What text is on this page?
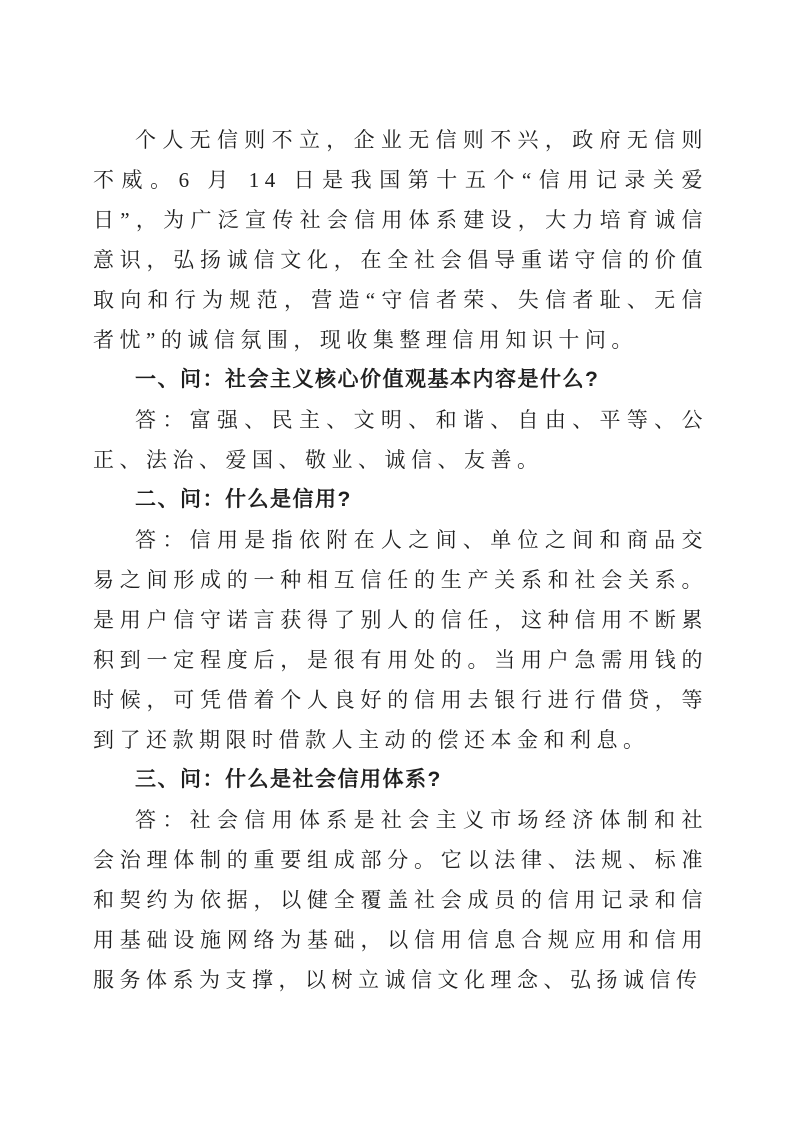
个人无信则不立，企业无信则不兴，政府无信则不威。6 月 14 日是我国第十五个“信用记录关爱日”，为广泛宣传社会信用体系建设，大力培育诚信意识，弘扬诚信文化，在全社会倡导重诺守信的价值取向和行为规范，营造“守信者荣、失信者耻、无信者忧”的诚信氛围，现收集整理信用知识十问。

一、问：社会主义核心价值观基本内容是什么?

答：富强、民主、文明、和谐、自由、平等、公正、法治、爱国、敬业、诚信、友善。

二、问：什么是信用?

答：信用是指依附在人之间、单位之间和商品交易之间形成的一种相互信任的生产关系和社会关系。是用户信守诺言获得了别人的信任，这种信用不断累积到一定程度后，是很有用处的。当用户急需用钱的时候，可凭借着个人良好的信用去银行进行借贷，等到了还款期限时借款人主动的偿还本金和利息。

三、问：什么是社会信用体系?

答：社会信用体系是社会主义市场经济体制和社会治理体制的重要组成部分。它以法律、法规、标准和契约为依据，以健全覆盖社会成员的信用记录和信用基础设施网络为基础，以信用信息合规应用和信用服务体系为支撑，以树立诚信文化理念、弘扬诚信传
